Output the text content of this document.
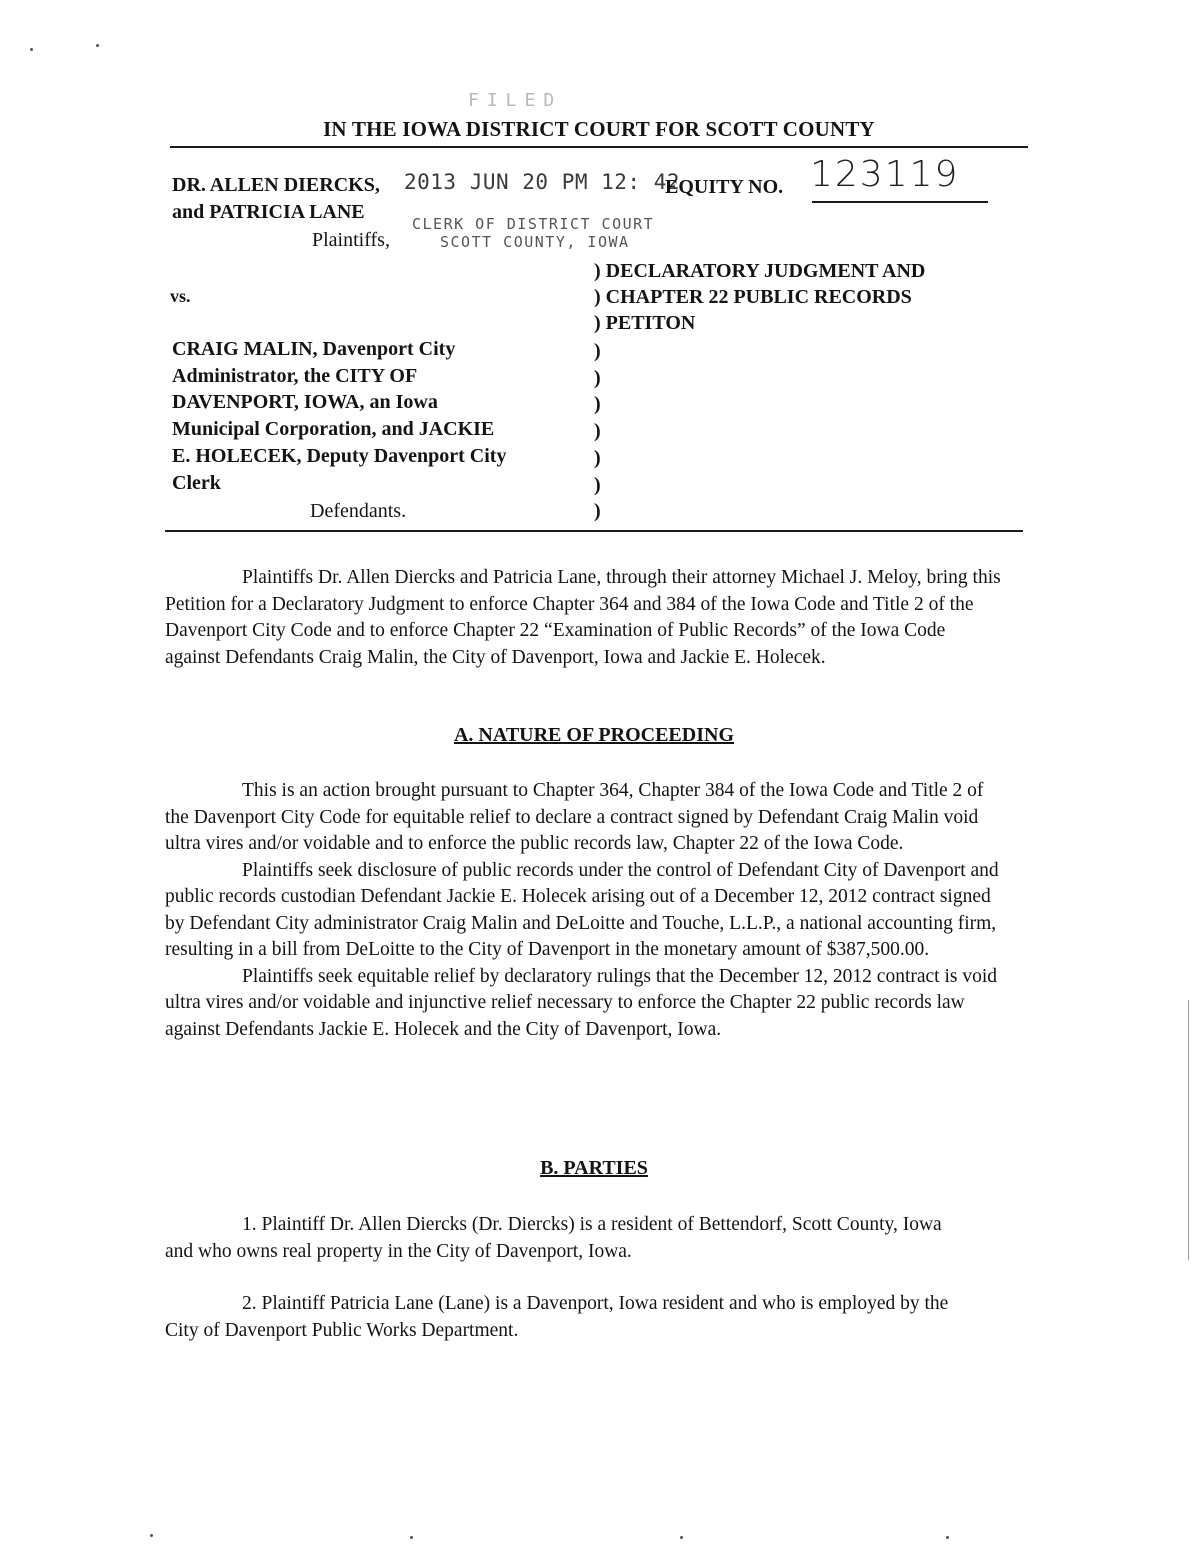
FILED
IN THE IOWA DISTRICT COURT FOR SCOTT COUNTY
DR. ALLEN DIERCKS, 2013 JUN 20 PM 12: 42
and PATRICIA LANE
Plaintiffs,
CLERK OF DISTRICT COURT
SCOTT COUNTY, IOWA
EQUITY NO. 123119
) DECLARATORY JUDGMENT AND
) CHAPTER 22 PUBLIC RECORDS
) PETITON
vs.
CRAIG MALIN, Davenport City
Administrator, the CITY OF
DAVENPORT, IOWA, an Iowa
Municipal Corporation, and JACKIE
E. HOLECEK, Deputy Davenport City
Clerk
Defendants.
)
)
)
)
)
)
)

Plaintiffs Dr. Allen Diercks and Patricia Lane, through their attorney Michael J. Meloy, bring this Petition for a Declaratory Judgment to enforce Chapter 364 and 384 of the Iowa Code and Title 2 of the Davenport City Code and to enforce Chapter 22 “Examination of Public Records” of the Iowa Code against Defendants Craig Malin, the City of Davenport, Iowa and Jackie E. Holecek.

A. NATURE OF PROCEEDING

This is an action brought pursuant to Chapter 364, Chapter 384 of the Iowa Code and Title 2 of the Davenport City Code for equitable relief to declare a contract signed by Defendant Craig Malin void ultra vires and/or voidable and to enforce the public records law, Chapter 22 of the Iowa Code.

Plaintiffs seek disclosure of public records under the control of Defendant City of Davenport and public records custodian Defendant Jackie E. Holecek arising out of a December 12, 2012 contract signed by Defendant City administrator Craig Malin and DeLoitte and Touche, L.L.P., a national accounting firm, resulting in a bill from DeLoitte to the City of Davenport in the monetary amount of $387,500.00.

Plaintiffs seek equitable relief by declaratory rulings that the December 12, 2012 contract is void ultra vires and/or voidable and injunctive relief necessary to enforce the Chapter 22 public records law against Defendants Jackie E. Holecek and the City of Davenport, Iowa.

B. PARTIES

1. Plaintiff Dr. Allen Diercks (Dr. Diercks) is a resident of Bettendorf, Scott County, Iowa and who owns real property in the City of Davenport, Iowa.

2. Plaintiff Patricia Lane (Lane) is a Davenport, Iowa resident and who is employed by the City of Davenport Public Works Department.
